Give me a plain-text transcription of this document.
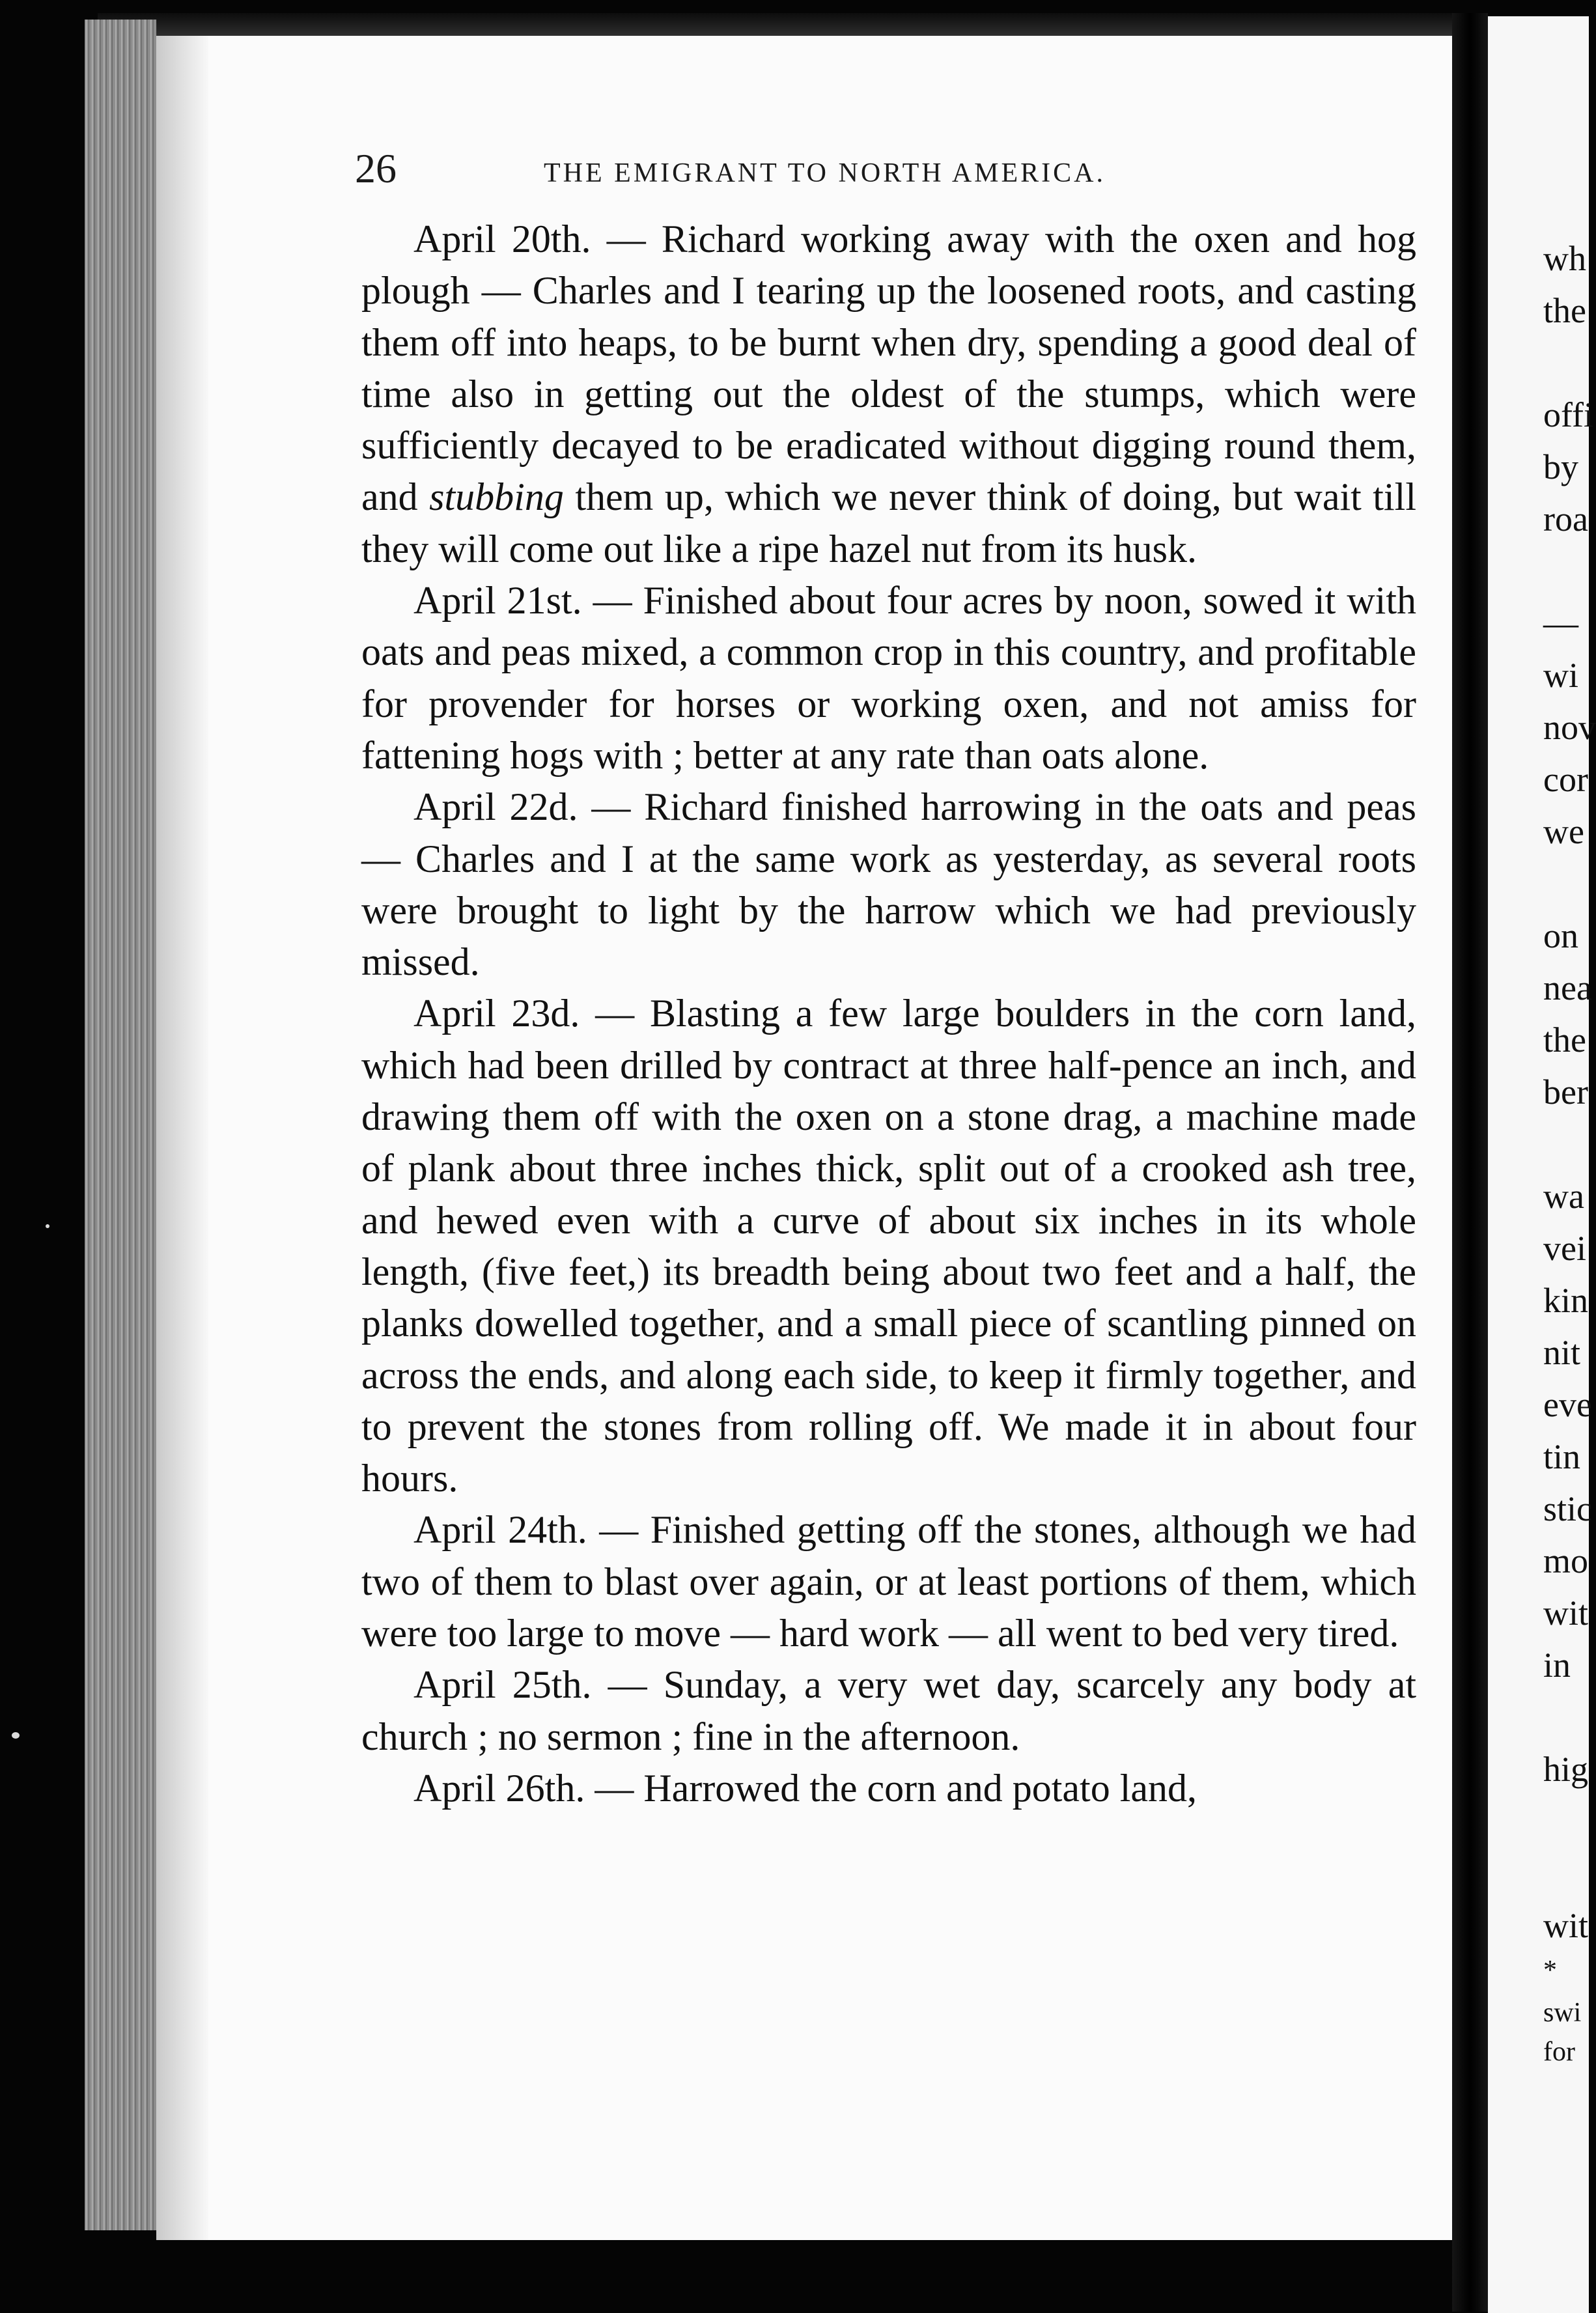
26	THE EMIGRANT TO NORTH AMERICA.

April 20th. — Richard working away with the oxen and hog plough — Charles and I tearing up the loosened roots, and casting them off into heaps, to be burnt when dry, spending a good deal of time also in getting out the oldest of the stumps, which were sufficiently decayed to be eradicated without digging round them, and stubbing them up, which we never think of doing, but wait till they will come out like a ripe hazel nut from its husk.

April 21st. — Finished about four acres by noon, sowed it with oats and peas mixed, a common crop in this country, and profitable for provender for horses or working oxen, and not amiss for fattening hogs with ; better at any rate than oats alone.

April 22d. — Richard finished harrowing in the oats and peas — Charles and I at the same work as yesterday, as several roots were brought to light by the harrow which we had previously missed.

April 23d. — Blasting a few large boulders in the corn land, which had been drilled by contract at three half-pence an inch, and drawing them off with the oxen on a stone drag, a machine made of plank about three inches thick, split out of a crooked ash tree, and hewed even with a curve of about six inches in its whole length, (five feet,) its breadth being about two feet and a half, the planks dowelled together, and a small piece of scantling pinned on across the ends, and along each side, to keep it firmly together, and to prevent the stones from rolling off. We made it in about four hours.

April 24th. — Finished getting off the stones, although we had two of them to blast over again, or at least portions of them, which were too large to move — hard work — all went to bed very tired.

April 25th. — Sunday, a very wet day, scarcely any body at church ; no sermon ; fine in the afternoon.

April 26th. — Harrowed the corn and potato land,

wh
the
offi
by
roa
—
wi
nov
cor
we
on
nea
the
ber
wa
vei
kin
nit
eve
tin
stic
mo
wit
in
hig
wit
*
swi
for
